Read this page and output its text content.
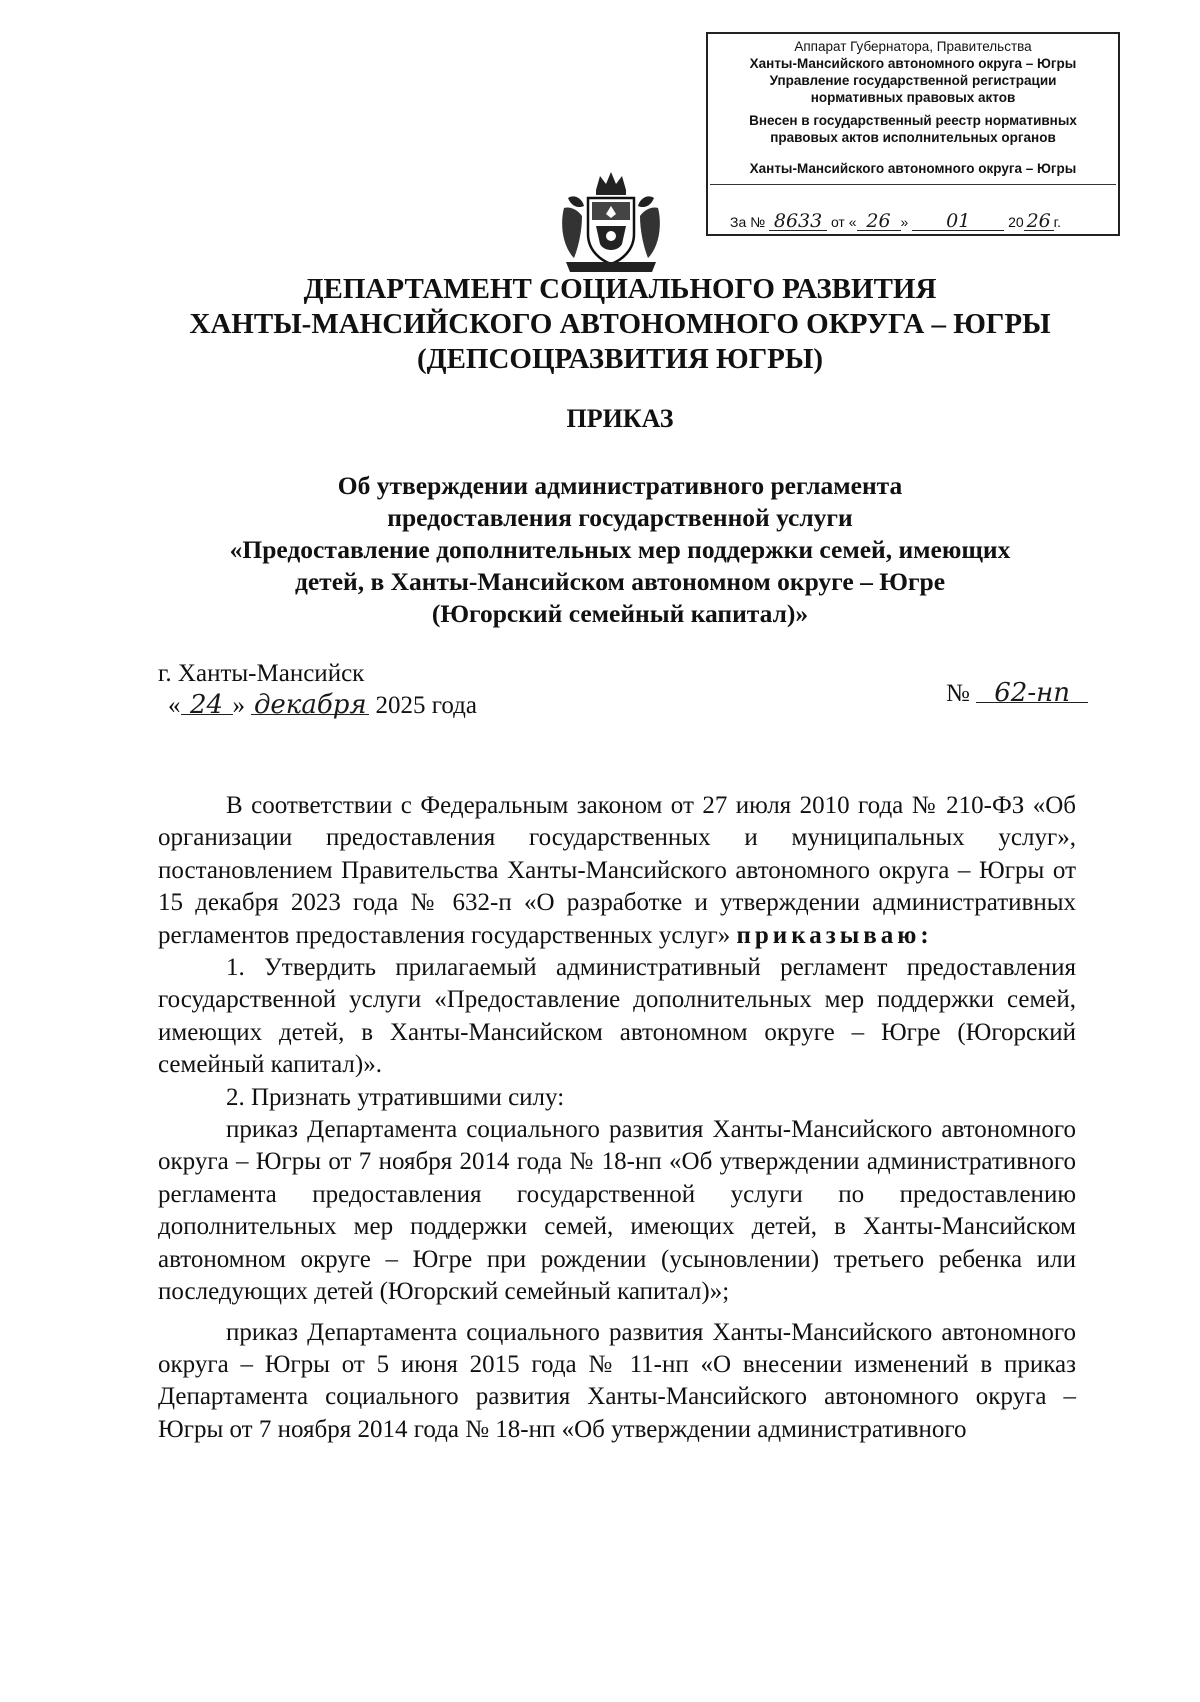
Аппарат Губернатора, Правительства
Ханты-Мансийского автономного округа – Югры
Управление государственной регистрации
нормативных правовых актов
Внесен в государственный реестр нормативных
правовых актов исполнительных органов
Ханты-Мансийского автономного округа – Югры
За № 8633 от « 26 » 01	20 26 г.
ДЕПАРТАМЕНТ СОЦИАЛЬНОГО РАЗВИТИЯ
ХАНТЫ-МАНСИЙСКОГО АВТОНОМНОГО ОКРУГА – ЮГРЫ
(ДЕПСОЦРАЗВИТИЯ ЮГРЫ)
ПРИКАЗ
Об утверждении административного регламента
предоставления государственной услуги
«Предоставление дополнительных мер поддержки семей, имеющих
детей, в Ханты-Мансийском автономном округе – Югре
(Югорский семейный капитал)»
г. Ханты-Мансийск
« 24 » декабря 2025 года	№ 62-нп

В соответствии с Федеральным законом от 27 июля 2010 года № 210-ФЗ «Об организации предоставления государственных и муниципальных услуг», постановлением Правительства Ханты-Мансийского автономного округа – Югры от 15 декабря 2023 года № 632-п «О разработке и утверждении административных регламентов предоставления государственных услуг» приказываю:

1. Утвердить прилагаемый административный регламент предоставления государственной услуги «Предоставление дополнительных мер поддержки семей, имеющих детей, в Ханты-Мансийском автономном округе – Югре (Югорский семейный капитал)».

2. Признать утратившими силу:

приказ Департамента социального развития Ханты-Мансийского автономного округа – Югры от 7 ноября 2014 года № 18-нп «Об утверждении административного регламента предоставления государственной услуги по предоставлению дополнительных мер поддержки семей, имеющих детей, в Ханты-Мансийском автономном округе – Югре при рождении (усыновлении) третьего ребенка или последующих детей (Югорский семейный капитал)»;

приказ Департамента социального развития Ханты-Мансийского автономного округа – Югры от 5 июня 2015 года № 11-нп «О внесении изменений в приказ Департамента социального развития Ханты-Мансийского автономного округа – Югры от 7 ноября 2014 года № 18-нп «Об утверждении административного
